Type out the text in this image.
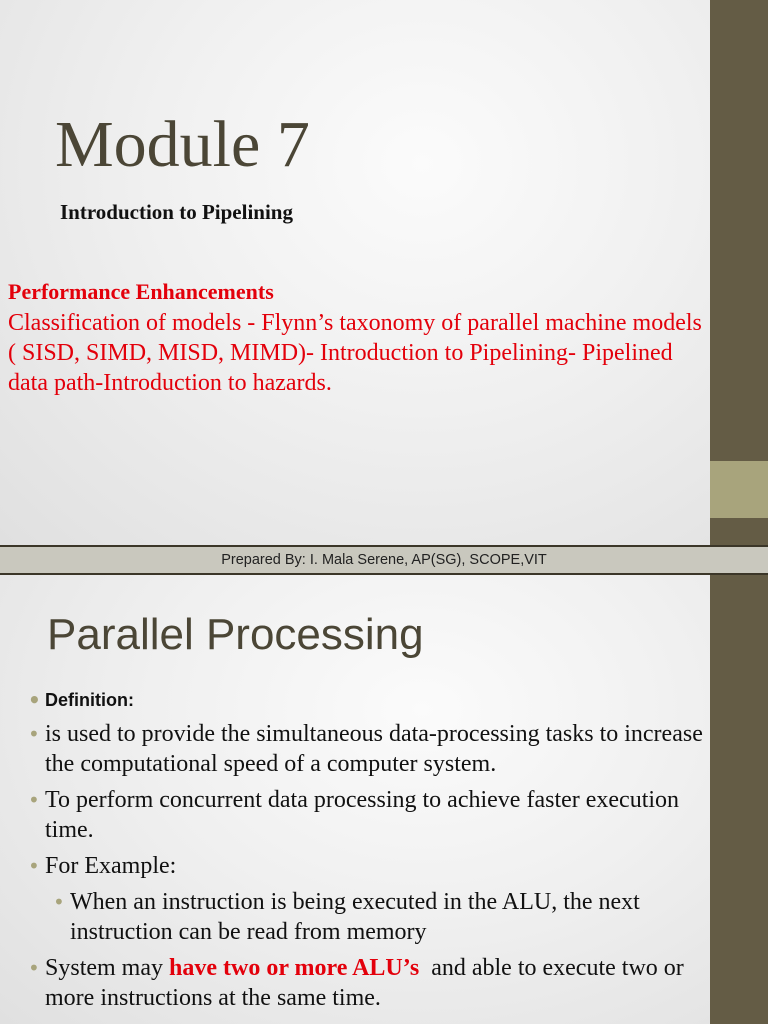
Module 7
Introduction to Pipelining
Performance Enhancements
Classification of models - Flynn’s taxonomy of parallel machine models ( SISD, SIMD, MISD, MIMD)- Introduction to Pipelining- Pipelined data path-Introduction to hazards.
Prepared By: I. Mala Serene, AP(SG), SCOPE,VIT
Parallel Processing
• Definition:
• is used to provide the simultaneous data-processing tasks to increase the computational speed of a computer system.
• To perform concurrent data processing to achieve faster execution time.
• For Example:
• When an instruction is being executed in the ALU, the next instruction can be read from memory
• System may have two or more ALU’s  and able to execute two or more instructions at the same time.
